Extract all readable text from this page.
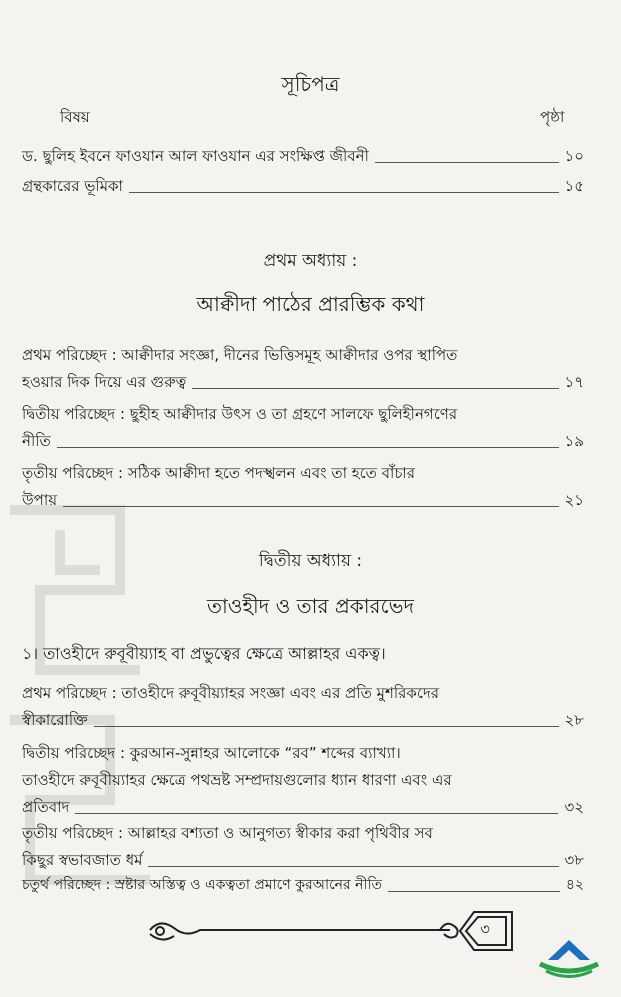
সূচিপত্র
বিষয়	পৃষ্ঠা
ড. ছুলিহ ইবনে ফাওযান আল ফাওযান এর সংক্ষিপ্ত জীবনী	১০
গ্রন্থকারের ভূমিকা	১৫
প্রথম অধ্যায় :
আক্বীদা পাঠের প্রারম্ভিক কথা
প্রথম পরিচ্ছেদ : আক্বীদার সংজ্ঞা, দীনের ভিত্তিসমূহ আক্বীদার ওপর স্থাপিত
হওয়ার দিক দিয়ে এর গুরুত্ব	১৭
দ্বিতীয় পরিচ্ছেদ : ছুহীহ আক্বীদার উৎস ও তা গ্রহণে সালফে ছুলিহীনগণের
নীতি	১৯
তৃতীয় পরিচ্ছেদ : সঠিক আক্বীদা হতে পদস্খলন এবং তা হতে বাঁচার
উপায়	২১
দ্বিতীয় অধ্যায় :
তাওহীদ ও তার প্রকারভেদ
১। তাওহীদে রুবূবীয়্যাহ বা প্রভুত্বের ক্ষেত্রে আল্লাহর একত্ব।
প্রথম পরিচ্ছেদ : তাওহীদে রুবূবীয়্যাহর সংজ্ঞা এবং এর প্রতি মুশরিকদের
স্বীকারোক্তি	২৮
দ্বিতীয় পরিচ্ছেদ : কুরআন-সুন্নাহর আলোকে “রব” শব্দের ব্যাখ্যা।
তাওহীদে রুবূবীয়্যাহর ক্ষেত্রে পথভ্রষ্ট সম্প্রদায়গুলোর ধ্যান ধারণা এবং এর
প্রতিবাদ	৩২
তৃতীয় পরিচ্ছেদ : আল্লাহর বশ্যতা ও আনুগত্য স্বীকার করা পৃথিবীর সব
কিছুর স্বভাবজাত ধর্ম	৩৮
চতুর্থ পরিচ্ছেদ : স্রষ্টার অস্তিত্ব ও একত্বতা প্রমাণে কুরআনের নীতি	৪২
৩
